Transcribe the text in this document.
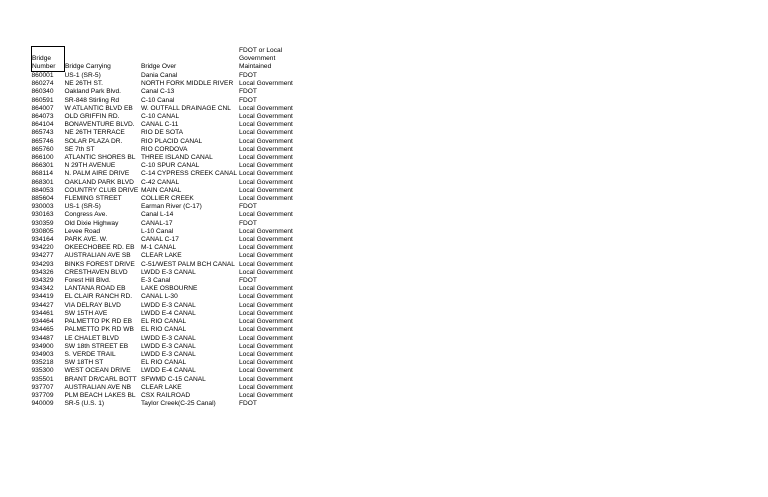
Bridge
Number	Bridge Carrying	Bridge Over	FDOT or Local
Government
Maintained

860001	US-1 (SR-5)	Dania Canal	FDOT
860274	NE 26TH ST.	NORTH FORK MIDDLE RIVER	Local Government
860340	Oakland Park Blvd.	Canal C-13	FDOT
860591	SR-848 Stirling Rd	C-10 Canal	FDOT
864007	W ATLANTIC BLVD EB	W. OUTFALL DRAINAGE CNL	Local Government
864073	OLD GRIFFIN RD.	C-10 CANAL	Local Government
864104	BONAVENTURE BLVD.	CANAL C-11	Local Government
865743	NE 26TH TERRACE	RIO DE SOTA	Local Government
865746	SOLAR PLAZA DR.	RIO PLACID CANAL	Local Government
865760	SE 7th ST	RIO CORDOVA	Local Government
866100	ATLANTIC SHORES BL	THREE ISLAND CANAL	Local Government
866301	N 29TH AVENUE	C-10 SPUR CANAL	Local Government
868114	N. PALM AIRE DRIVE	C-14 CYPRESS CREEK CANAL	Local Government
868301	OAKLAND PARK BLVD	C-42 CANAL	Local Government
884053	COUNTRY CLUB DRIVE	MAIN CANAL	Local Government
885604	FLEMING STREET	COLLIER CREEK	Local Government
930003	US-1 (SR-5)	Earman River (C-17)	FDOT
930163	Congress Ave.	Canal L-14	Local Government
930359	Old Dixie Highway	CANAL-17	FDOT
930805	Levee Road	L-10 Canal	Local Government
934164	PARK AVE. W.	CANAL C-17	Local Government
934220	OKEECHOBEE RD. EB	M-1 CANAL	Local Government
934277	AUSTRALIAN AVE SB	CLEAR LAKE	Local Government
934293	BINKS FOREST DRIVE	C-51/WEST PALM BCH CANAL	Local Government
934326	CRESTHAVEN BLVD	LWDD E-3 CANAL	Local Government
934329	Forest Hill Blvd.	E-3 Canal	FDOT
934342	LANTANA ROAD EB	LAKE OSBOURNE	Local Government
934419	EL CLAIR RANCH RD.	CANAL L-30	Local Government
934427	VIA DELRAY BLVD	LWDD E-3 CANAL	Local Government
934461	SW 15TH AVE	LWDD E-4 CANAL	Local Government
934464	PALMETTO PK RD EB	EL RIO CANAL	Local Government
934465	PALMETTO PK RD WB	EL RIO CANAL	Local Government
934487	LE CHALET BLVD	LWDD E-3 CANAL	Local Government
934900	SW 18th STREET EB	LWDD E-3 CANAL	Local Government
934903	S. VERDE TRAIL	LWDD E-3 CANAL	Local Government
935218	SW 18TH ST	EL RIO CANAL	Local Government
935300	WEST OCEAN DRIVE	LWDD E-4 CANAL	Local Government
935501	BRANT DR/CARL BOTT	SFWMD C-15 CANAL	Local Government
937707	AUSTRALIAN AVE NB	CLEAR LAKE	Local Government
937709	PLM BEACH LAKES BL	CSX RAILROAD	Local Government
940009	SR-5 (U.S. 1)	Taylor Creek(C-25 Canal)	FDOT
